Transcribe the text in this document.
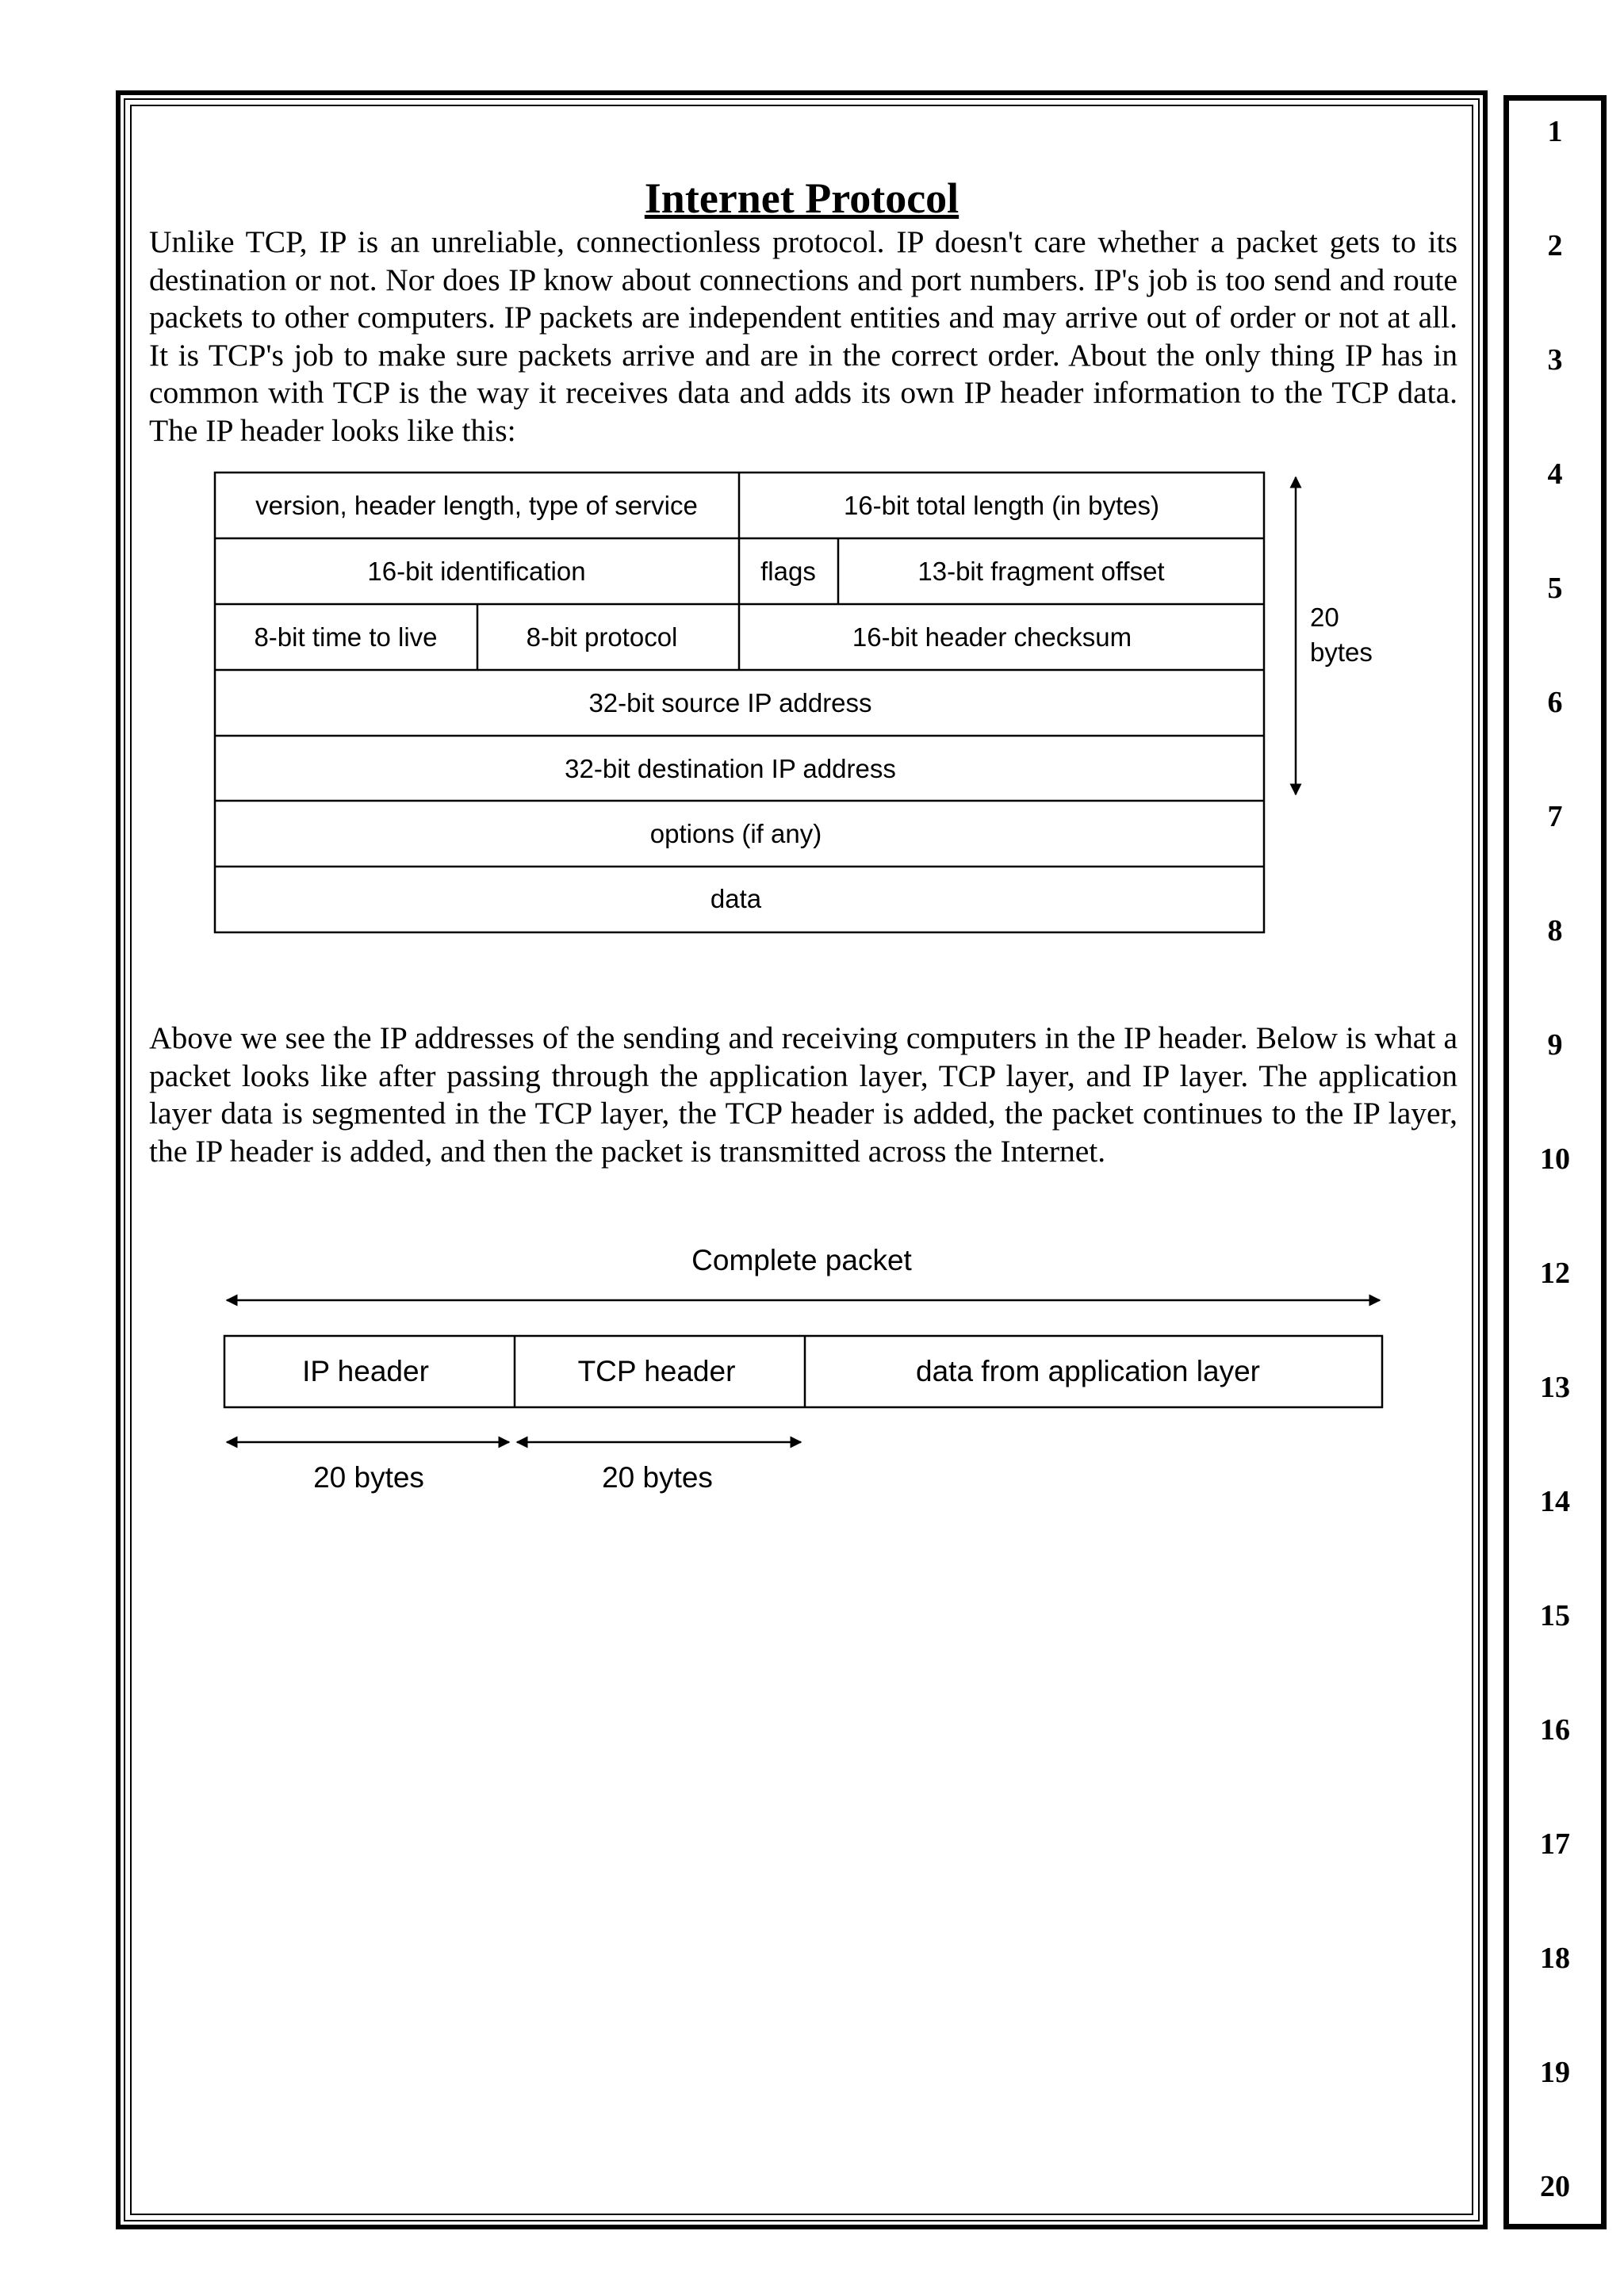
1
2
3
4
5
6
7
8
9
10
12
13
14
15
16
17
18
19
20
Internet Protocol

Unlike TCP, IP is an unreliable, connectionless protocol. IP doesn't care whether a packet gets to its destination or not. Nor does IP know about connections and port numbers. IP's job is too send and route packets to other computers. IP packets are independent entities and may arrive out of order or not at all. It is TCP's job to make sure packets arrive and are in the correct order. About the only thing IP has in common with TCP is the way it receives data and adds its own IP header information to the TCP data. The IP header looks like this:

Above we see the IP addresses of the sending and receiving computers in the IP header. Below is what a packet looks like after passing through the application layer, TCP layer, and IP layer. The application layer data is segmented in the TCP layer, the TCP header is added, the packet continues to the IP layer, the IP header is added, and then the packet is transmitted across the Internet.

version, header length, type of service	16-bit total length (in bytes)
16-bit identification	flags	13-bit fragment offset
8-bit time to live	8-bit protocol	16-bit header checksum
32-bit source IP address
32-bit destination IP address
options (if any)
data
20
bytes
Complete packet
IP header	TCP header	data from application layer
20 bytes	20 bytes
